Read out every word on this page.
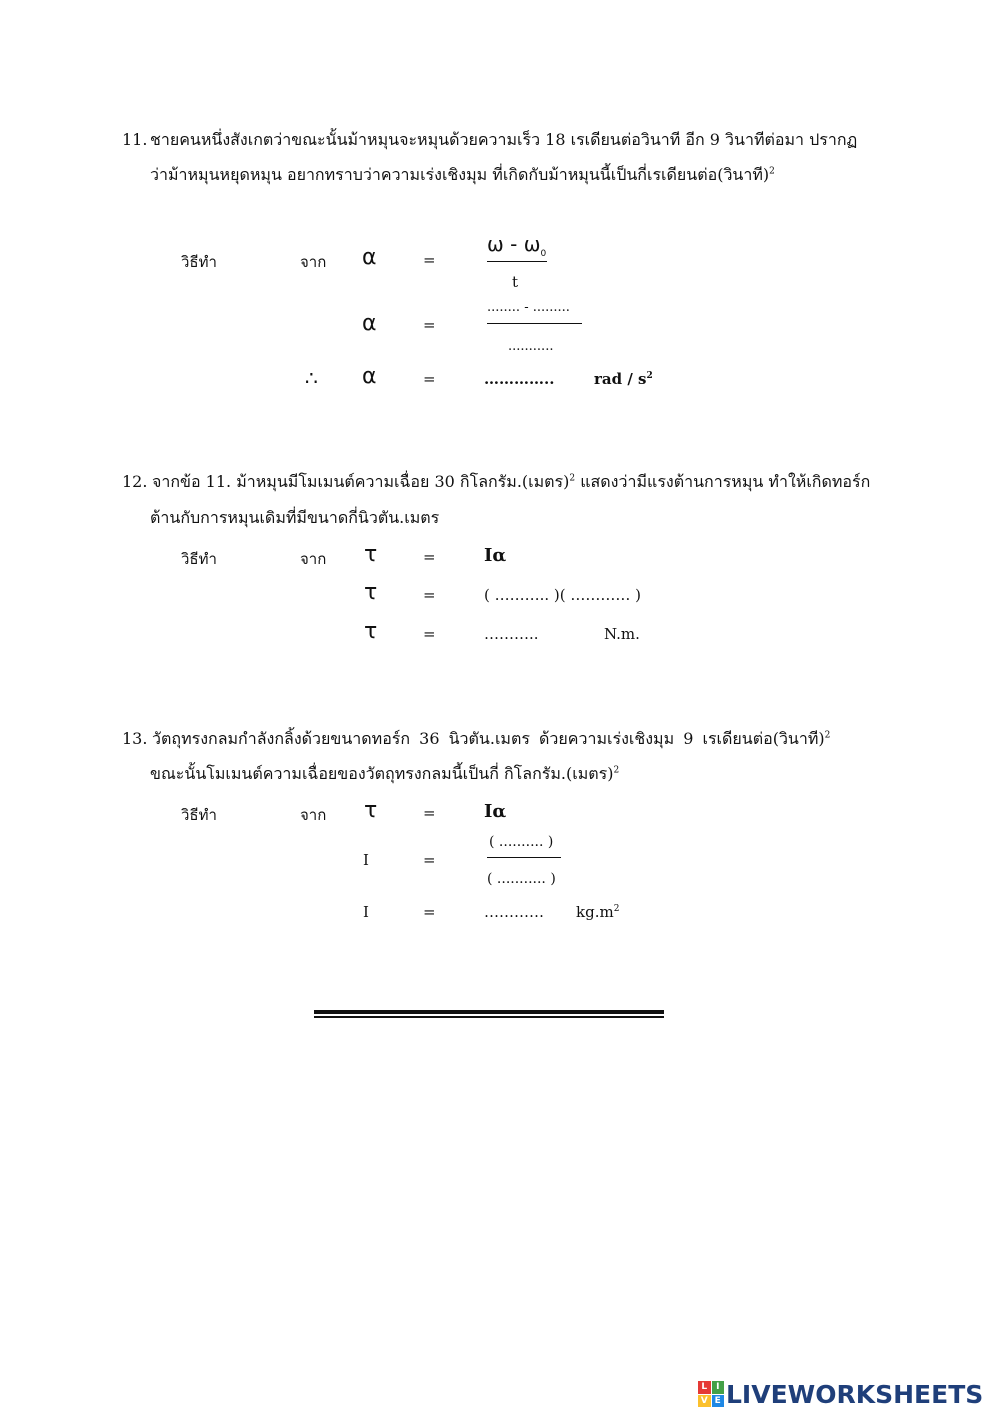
11. ชายคนหนึ่งสังเกตว่าขณะนั้นม้าหมุนจะหมุนด้วยความเร็ว 18 เรเดียนต่อวินาที อีก 9 วินาทีต่อมา ปรากฏ
ว่าม้าหมุนหยุดหมุน อยากทราบว่าความเร่งเชิงมุม ที่เกิดกับม้าหมุนนี้เป็นกี่เรเดียนต่อ(วินาที)$^2$
วิธีทำ	จาก α	=
ω - $\omega_0$
t
α	=
........ - .........
...........
∴ α	=	…………..	rad / $s^2$
12. จากข้อ 11. ม้าหมุนมีโมเมนต์ความเฉื่อย 30 กิโลกรัม.(เมตร)$^2$ แสดงว่ามีแรงต้านการหมุน ทำให้เกิดทอร์ก
ต้านกับการหมุนเดิมที่มีขนาดกี่นิวตัน.เมตร
วิธีทำ	จาก τ	=	Iα
τ	=	( ……….. )( ………… )
τ	=	………..	N.m.
13. วัตถุทรงกลมกำลังกลิ้งด้วยขนาดทอร์ก 36 นิวตัน.เมตร ด้วยความเร่งเชิงมุม 9 เรเดียนต่อ(วินาที)$^2$
ขณะนั้นโมเมนต์ความเฉื่อยของวัตถุทรงกลมนี้เป็นกี่ กิโลกรัม.(เมตร)$^2$
วิธีทำ	จาก τ	=	Iα
I	=
( .......... )
( ........... )
I	=	………… $kg.m^2$
L I
V E LIVEWORKSHEETS
